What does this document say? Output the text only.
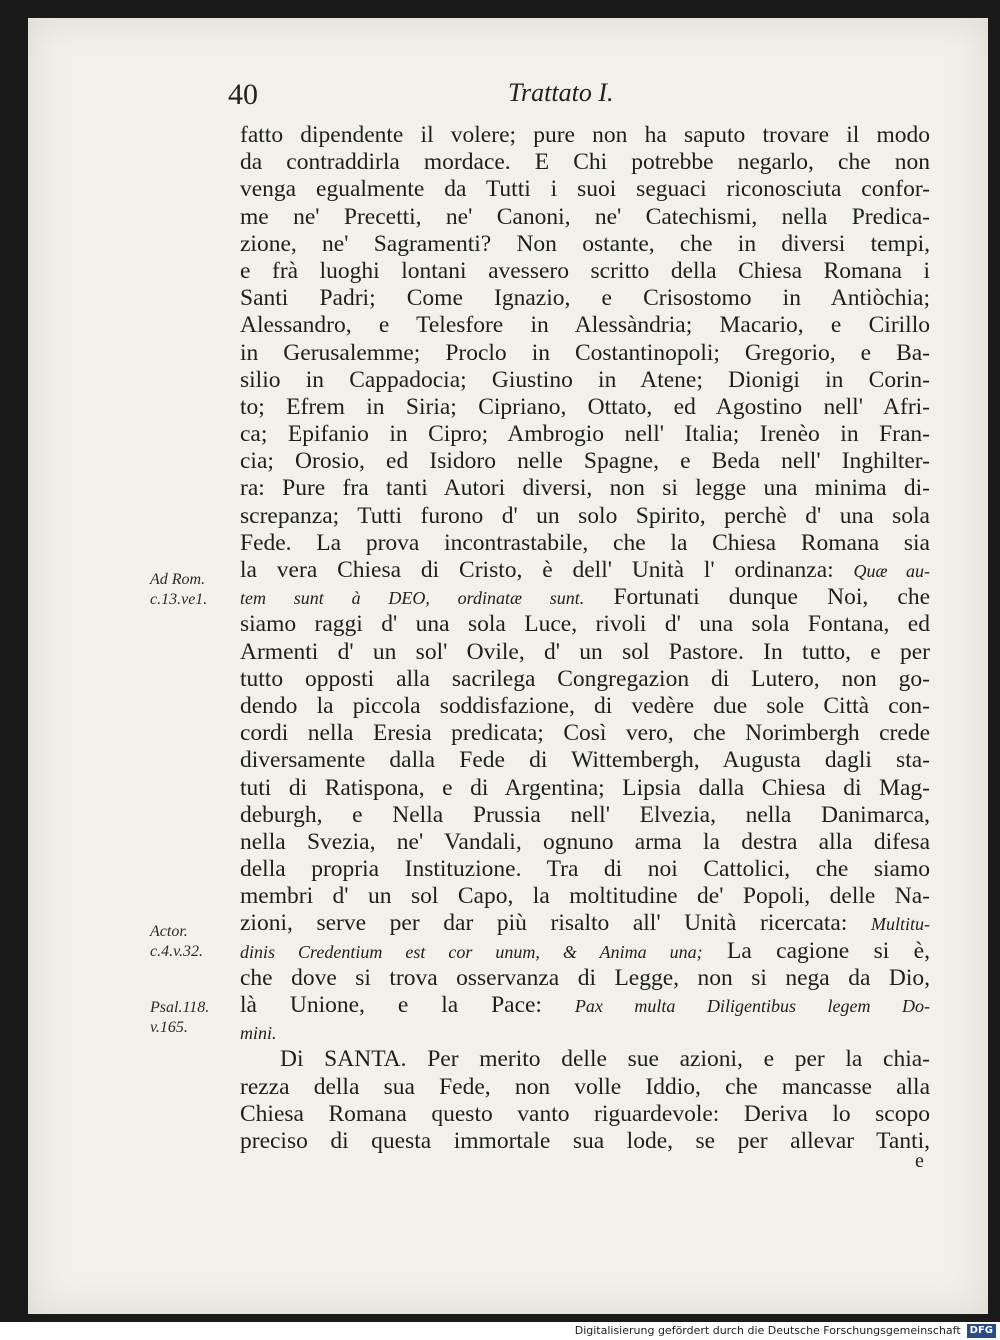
40	Trattato I.
fatto dipendente il volere; pure non ha saputo trovare il modo
da contraddirla mordace. E Chi potrebbe negarlo, che non
venga egualmente da Tutti i suoi seguaci riconosciuta confor-
me ne' Precetti, ne' Canoni, ne' Catechismi, nella Predica-
zione, ne' Sagramenti? Non ostante, che in diversi tempi,
e frà luoghi lontani avessero scritto della Chiesa Romana i
Santi Padri; Come Ignazio, e Crisostomo in Antiòchia;
Alessandro, e Telesfore in Alessàndria; Macario, e Cirillo
in Gerusalemme; Proclo in Costantinopoli; Gregorio, e Ba-
silio in Cappadocia; Giustino in Atene; Dionigi in Corin-
to; Efrem in Siria; Cipriano, Ottato, ed Agostino nell' Afri-
ca; Epifanio in Cipro; Ambrogio nell' Italia; Irenèo in Fran-
cia; Orosio, ed Isidoro nelle Spagne, e Beda nell' Inghilter-
ra: Pure fra tanti Autori diversi, non si legge una minima di-
screpanza; Tutti furono d' un solo Spirito, perchè d' una sola
Fede. La prova incontrastabile, che la Chiesa Romana sia
la vera Chiesa di Cristo, è dell' Unità l' ordinanza: Quæ au-
tem sunt à DEO, ordinatæ sunt. Fortunati dunque Noi, che
siamo raggi d' una sola Luce, rivoli d' una sola Fontana, ed
Armenti d' un sol' Ovile, d' un sol Pastore. In tutto, e per
tutto opposti alla sacrilega Congregazion di Lutero, non go-
dendo la piccola soddisfazione, di vedère due sole Città con-
cordi nella Eresia predicata; Così vero, che Norimbergh crede
diversamente dalla Fede di Wittembergh, Augusta dagli sta-
tuti di Ratispona, e di Argentina; Lipsia dalla Chiesa di Mag-
deburgh, e Nella Prussia nell' Elvezia, nella Danimarca,
nella Svezia, ne' Vandali, ognuno arma la destra alla difesa
della propria Instituzione. Tra di noi Cattolici, che siamo
membri d' un sol Capo, la moltitudine de' Popoli, delle Na-
zioni, serve per dar più risalto all' Unità ricercata: Multitu-
dinis Credentium est cor unum, & Anima una; La cagione si è,
che dove si trova osservanza di Legge, non si nega da Dio,
là Unione, e la Pace: Pax multa Diligentibus legem Do-
mini.
Di SANTA. Per merito delle sue azioni, e per la chia-
rezza della sua Fede, non volle Iddio, che mancasse alla
Chiesa Romana questo vanto riguardevole: Deriva lo scopo
preciso di questa immortale sua lode, se per allevar Tanti,
Ad Rom.
c.13.ve1.
Actor.
c.4.v.32.
Psal.118.
v.165.
e
Digitalisierung gefördert durch die Deutsche Forschungsgemeinschaft DFG
